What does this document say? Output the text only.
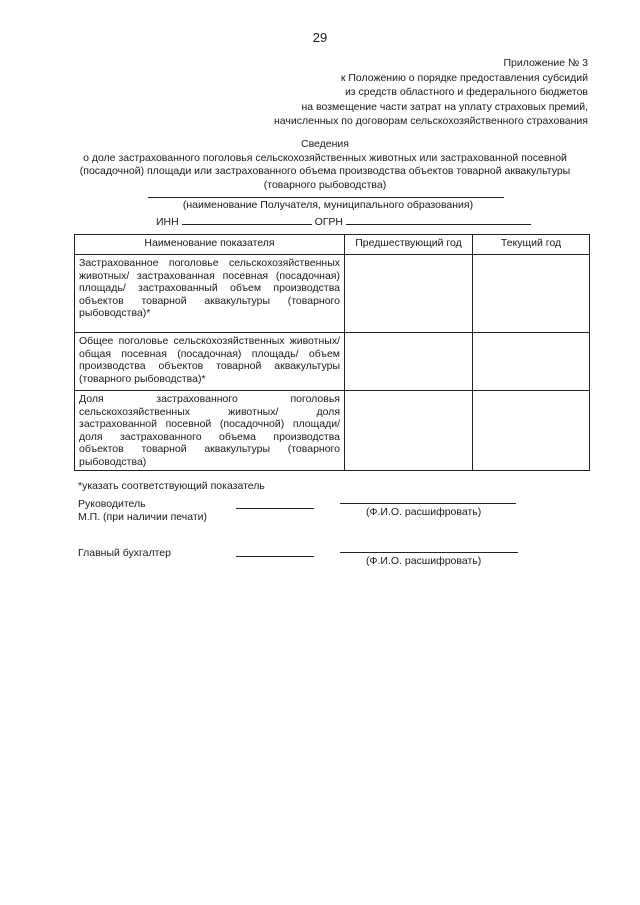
29
Приложение № 3
к Положению о порядке предоставления субсидий
из средств областного и федерального бюджетов
на возмещение части затрат на уплату страховых премий,
начисленных по договорам сельскохозяйственного страхования
Сведения
о доле застрахованного поголовья сельскохозяйственных животных или застрахованной посевной
(посадочной) площади или застрахованного объема производства объектов товарной аквакультуры
(товарного рыбоводства)
(наименование Получателя, муниципального образования)
ИНН	ОГРН
Наименование показателя	Предшествующий год	Текущий год
Застрахованное поголовье сельскохозяйственных животных/ застрахованная посевная (посадочная) площадь/ застрахованный объем производства объектов товарной аквакультуры (товарного рыбоводства)*		
Общее поголовье сельскохозяйственных животных/ общая посевная (посадочная) площадь/ объем производства объектов товарной аквакультуры (товарного рыбоводства)*		
Доля застрахованного поголовья сельскохозяйственных животных/ доля застрахованной посевной (посадочной) площади/ доля застрахованного объема производства объектов товарной аквакультуры (товарного рыбоводства)		
*указать соответствующий показатель
Руководитель
М.П. (при наличии печати)	(Ф.И.О. расшифровать)
Главный бухгалтер
(Ф.И.О. расшифровать)
